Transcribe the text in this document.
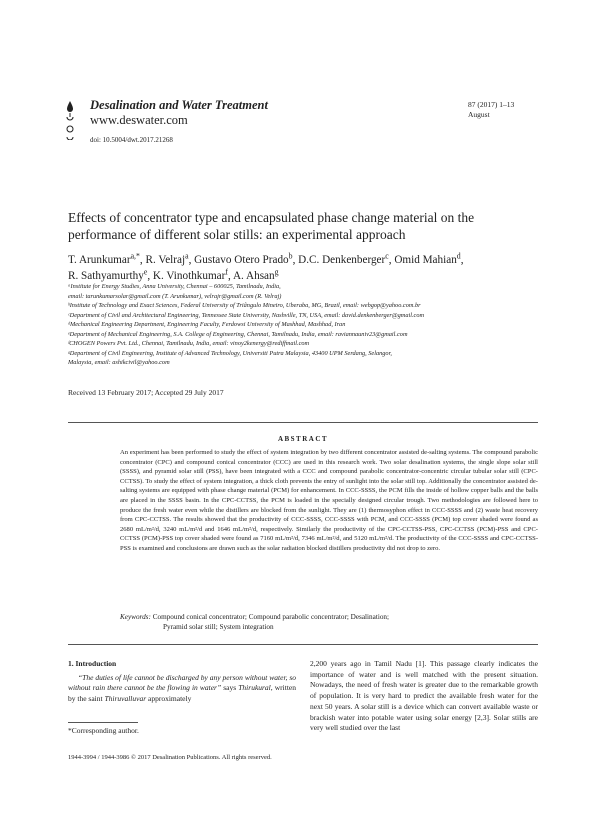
Desalination and Water Treatment
www.deswater.com
doi: 10.5004/dwt.2017.21268
87 (2017) 1–13
August
Effects of concentrator type and encapsulated phase change material on the performance of different solar stills: an experimental approach
T. Arunkumar$^{a,*}$, R. Velraj$^a$, Gustavo Otero Prado$^b$, D.C. Denkenberger$^c$, Omid Mahian$^d$,
R. Sathyamurthy$^e$, K. Vinothkumar$^f$, A. Ahsan$^g$
ᵃInstitute for Energy Studies, Anna University, Chennai – 600025, Tamilnadu, India,
email: tarunkumarsolar@gmail.com (T. Arunkumar), velrajr@gmail.com (R. Velraj)
ᵇInstitute of Technology and Exact Sciences, Federal University of Triângulo Mineiro, Uberaba, MG, Brazil, email: webgop@yahoo.com.br
ᶜDepartment of Civil and Architectural Engineering, Tennessee State University, Nashville, TN, USA, email: david.denkenberger@gmail.com
ᵈMechanical Engineering Department, Engineering Faculty, Ferdowsi University of Mashhad, Mashhad, Iran
ᵉDepartment of Mechanical Engineering, S.A. College of Engineering, Chennai, Tamilnadu, India, email: raviannauniv23@gmail.com
ᶠCHOGEN Powers Pvt. Ltd., Chennai, Tamilnadu, India, email: vinoy2kenergy@rediffmail.com
ᵍDepartment of Civil Engineering, Institute of Advanced Technology, Universiti Putra Malaysia, 43400 UPM Serdang, Selangor,
Malaysia, email: ashikcivil@yahoo.com
Received 13 February 2017; Accepted 29 July 2017
ABSTRACT
An experiment has been performed to study the effect of system integration by two different concentrator assisted de-salting systems. The compound parabolic concentrator (CPC) and compound conical concentrator (CCC) are used in this research work. Two solar desalination systems, the single slope solar still (SSSS), and pyramid solar still (PSS), have been integrated with a CCC and compound parabolic concentrator-concentric circular tubular solar still (CPC-CCTSS). To study the effect of system integration, a thick cloth prevents the entry of sunlight into the solar still top. Additionally the concentrator assisted de-salting systems are equipped with phase change material (PCM) for enhancement. In CCC-SSSS, the PCM fills the inside of hollow copper balls and the balls are placed in the SSSS basin. In the CPC-CCTSS, the PCM is loaded in the specially designed circular trough. Two methodologies are followed here to produce the fresh water even while the distillers are blocked from the sunlight. They are (1) thermosyphon effect in CCC-SSSS and (2) waste heat recovery from CPC-CCTSS. The results showed that the productivity of CCC-SSSS, CCC-SSSS with PCM, and CCC-SSSS (PCM) top cover shaded were found as 2680 mL/m²/d, 3240 mL/m²/d and 1646 mL/m²/d, respectively. Similarly the productivity of the CPC-CCTSS-PSS, CPC-CCTSS (PCM)-PSS and CPC-CCTSS (PCM)-PSS top cover shaded were found as 7160 mL/m²/d, 7346 mL/m²/d, and 5120 mL/m²/d. The productivity of the CCC-SSSS and CPC-CCTSS-PSS is examined and conclusions are drawn such as the solar radiation blocked distillers productivity did not drop to zero.
Keywords: Compound conical concentrator; Compound parabolic concentrator; Desalination;
Pyramid solar still; System integration
1. Introduction
“The duties of life cannot be discharged by any person without water, so without rain there cannot be the flowing in water” says Thirukural, written by the saint Thiruvalluvar approximately
2,200 years ago in Tamil Nadu [1]. This passage clearly indicates the importance of water and is well matched with the present situation. Nowadays, the need of fresh water is greater due to the remarkable growth of population. It is very hard to predict the available fresh water for the next 50 years. A solar still is a device which can convert available waste or brackish water into potable water using solar energy [2,3]. Solar stills are very well studied over the last
*Corresponding author.
1944-3994 / 1944-3986 © 2017 Desalination Publications. All rights reserved.
